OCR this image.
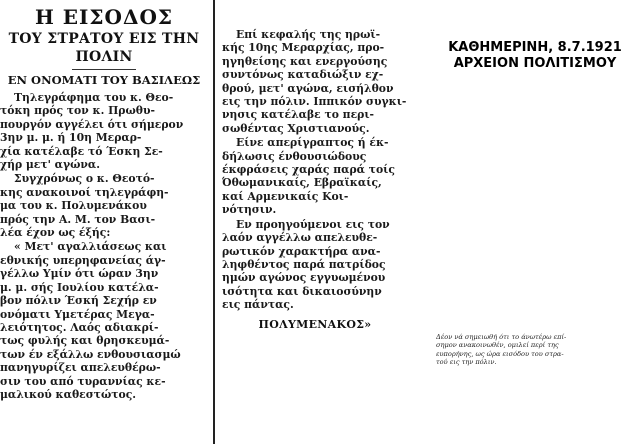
Η ΕΙΣΟΔΟΣ
ΤΟΥ ΣΤΡΑΤΟΥ ΕΙΣ ΤΗΝ ΠΟΛΙΝ
ΕΝ ΟΝΟΜΑΤΙ ΤΟΥ ΒΑΣΙΛΕΩΣ
Τηλεγράφημα του κ. Θεο-
τόκη πρός τον κ. Πρωθυ-
πουργόν αγγέλει ότι σήμερον
3ην μ. μ. ή 10η Μεραρ-
χία κατέλαβε τό Έσκη Σε-
χήρ μετ' αγώνα.
Συγχρόνως ο κ. Θεοτό-
κης ανακοινοί τηλεγράφη-
μα του κ. Πολυμενάκου
πρός την Α. Μ. τον Βασι-
λέα έχον ως έξής:
« Μετ' αγαλλιάσεως και
εθνικής υπερηφανείας άγ-
γέλλω Υμίν ότι ώραν 3ην
μ. μ. σής Ιουλίου κατέλα-
βον πόλιν Έσκή Σεχήρ εν
ονόματι Υμετέρας Μεγα-
λειότητος. Λαός αδιακρί-
τως φυλής και θρησκευμά-
των έν εξάλλω ενθουσιασμώ
πανηγυρίζει απελευθέρω-
σιν του από τυραννίας κε-
μαλικού καθεστώτος.
Επί κεφαλής της ηρωϊ-
κής 10ης Μεραρχίας, προ-
ηγηθείσης και ενεργούσης
συντόνως καταδιώξιν εχ-
θρού, μετ' αγώνα, εισήλθον
εις την πόλιν. Ιππικόν συγκι-
νησις κατέλαβε το περι-
σωθέντας Χριστιανούς.
Είνε απερίγραπτος ή έκ-
δήλωσις ένθουσιώδους
έκφράσεις χαράς παρά τοίς
Όθωμανικαίς, Εβραϊκαίς,
καί Αρμενικαίς Κοι-
νότησιν.
Εν προηγούμενοι εις τον
λαόν αγγέλλω απελευθε-
ρωτικόν χαρακτήρα ανα-
ληφθέντος παρά πατρίδος
ημών αγώνος εγγυωμένου
ισότητα και δικαιοσύνην
εις πάντας.
ΠΟΛΥΜΕΝΑΚΟΣ»
ΚΑΘΗΜΕΡΙΝΗ, 8.7.1921
ΑΡΧΕΙΟΝ ΠΟΛΙΤΙΣΜΟΥ
Δέον νά σημειωθή ότι το άνωτέρω επί-
σημον ανακοινωθέν, ομιλεί περί της
ευπορήνης, ως ώρα εισόδου του στρα-
τού εις την πόλιν.
